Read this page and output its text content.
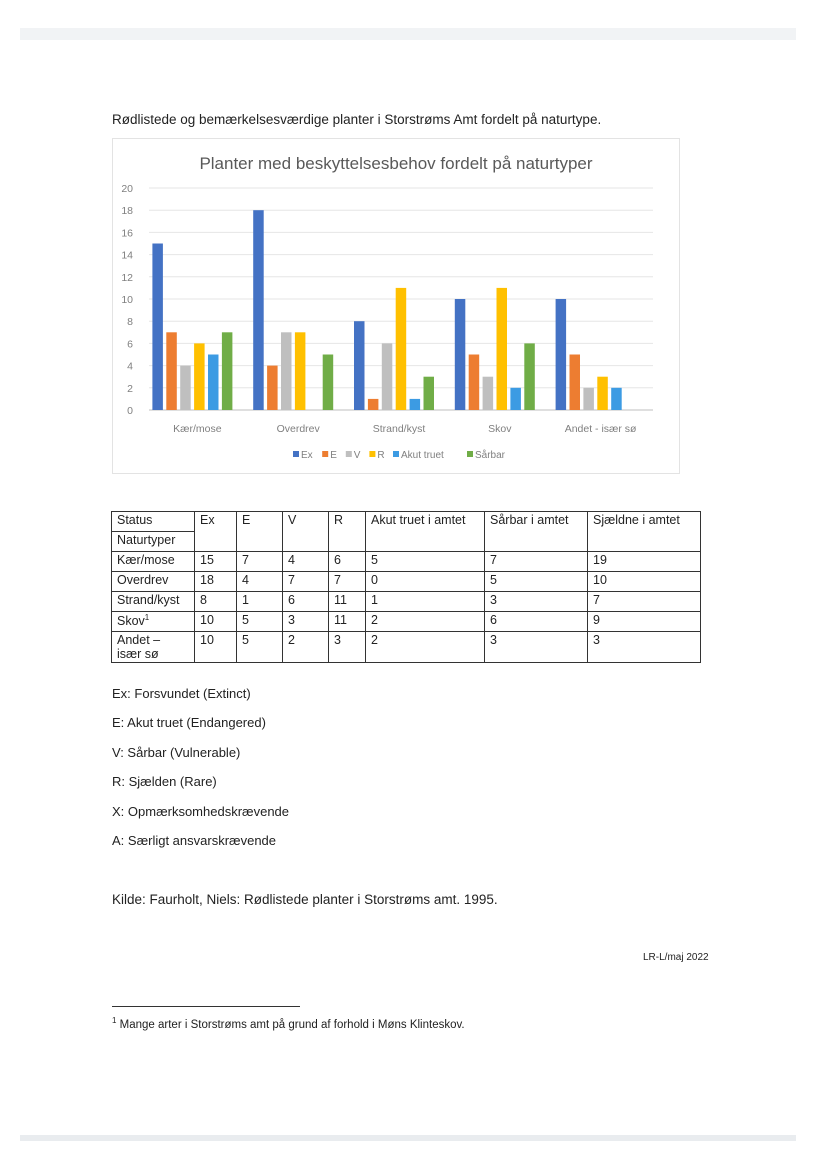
Rødlistede og bemærkelsesværdige planter i Storstrøms Amt fordelt på naturtype.
Planter med beskyttelsesbehov fordelt på naturtyper
0
2
4
6
8
10
12
14
16
18
20
Kær/mose	Overdrev	Strand/kyst	Skov	Andet - især sø
Ex E V R Akut truet	Sårbar
Status	Ex	E	V	R	Akut truet i amtet	Sårbar i amtet	Sjældne i amtet
Naturtyper							
Kær/mose	15	7	4	6	5	7	19
Overdrev	18	4	7	7	0	5	10
Strand/kyst	8	1	6	11	1	3	7
Skov$^1$	10	5	3	11	2	6	9

Andet –
især sø	10	5	2	3	2	3	3
Ex: Forsvundet (Extinct)
E: Akut truet (Endangered)
V: Sårbar (Vulnerable)
R: Sjælden (Rare)
X: Opmærksomhedskrævende
A: Særligt ansvarskrævende
Kilde: Faurholt, Niels: Rødlistede planter i Storstrøms amt. 1995.
LR-L/maj 2022
$^1$ Mange arter i Storstrøms amt på grund af forhold i Møns Klinteskov.
